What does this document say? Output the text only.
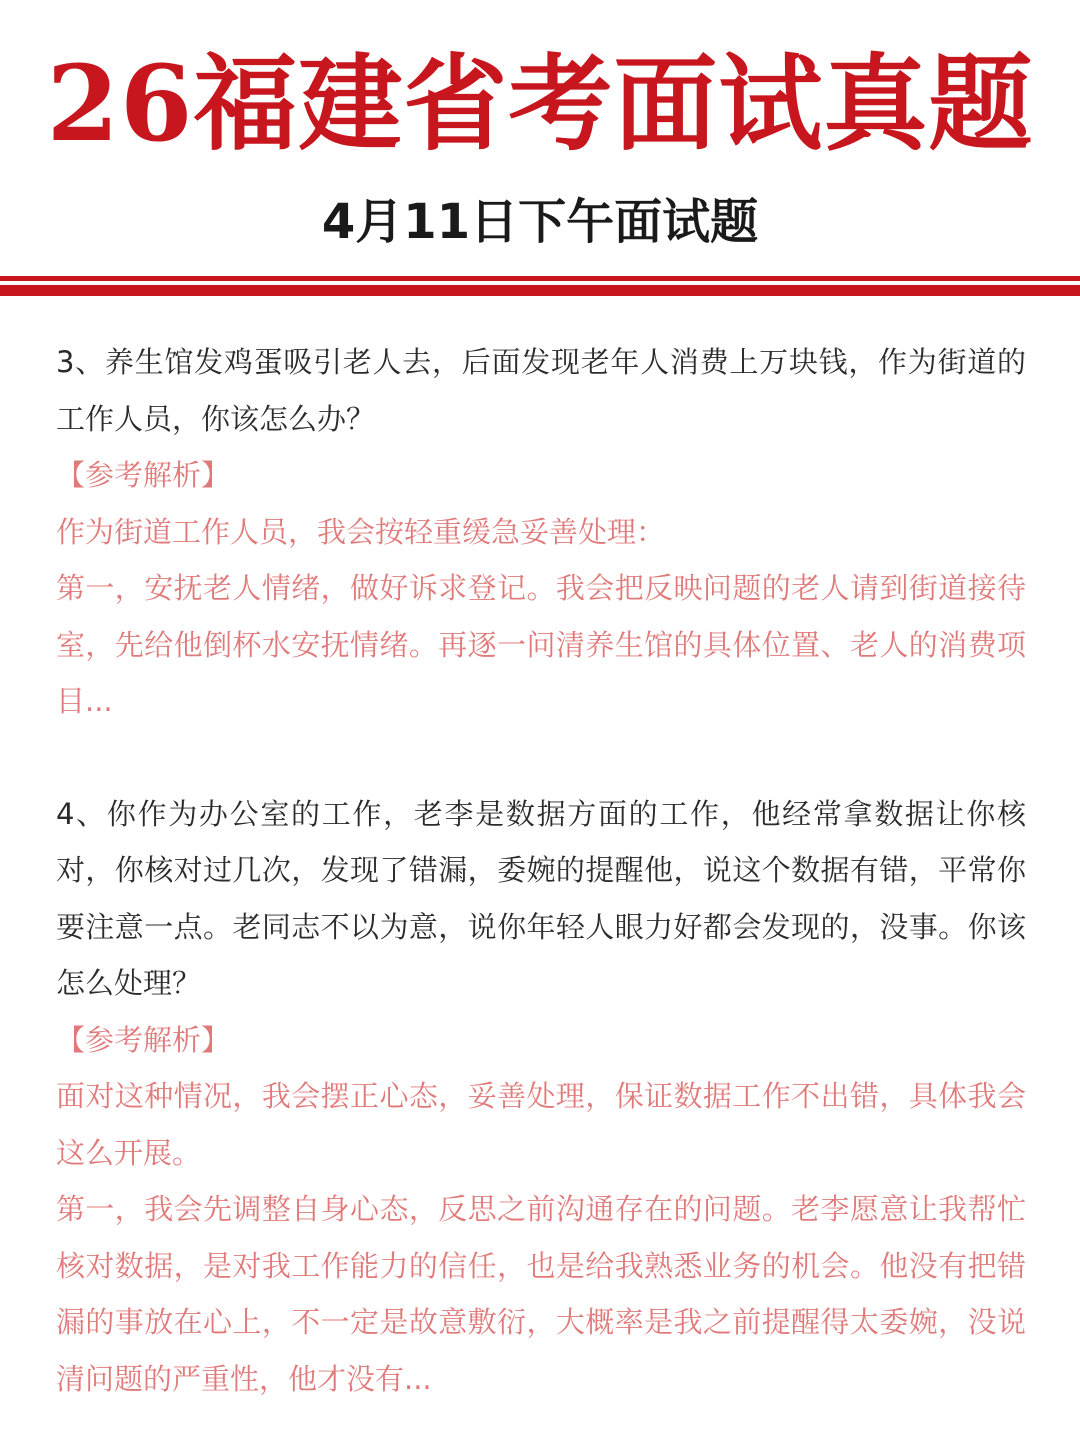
26福建省考面试真题
4月11日下午面试题

3、养生馆发鸡蛋吸引老人去，后面发现老年人消费上万块钱，作为街道的工作人员，你该怎么办？

【参考解析】

作为街道工作人员，我会按轻重缓急妥善处理：

第一，安抚老人情绪，做好诉求登记。我会把反映问题的老人请到街道接待室，先给他倒杯水安抚情绪。再逐一问清养生馆的具体位置、老人的消费项目...

4、你作为办公室的工作，老李是数据方面的工作，他经常拿数据让你核对，你核对过几次，发现了错漏，委婉的提醒他，说这个数据有错，平常你要注意一点。老同志不以为意，说你年轻人眼力好都会发现的，没事。你该怎么处理？

【参考解析】

面对这种情况，我会摆正心态，妥善处理，保证数据工作不出错，具体我会这么开展。

第一，我会先调整自身心态，反思之前沟通存在的问题。老李愿意让我帮忙核对数据，是对我工作能力的信任，也是给我熟悉业务的机会。他没有把错漏的事放在心上，不一定是故意敷衍，大概率是我之前提醒得太委婉，没说清问题的严重性，他才没有...
